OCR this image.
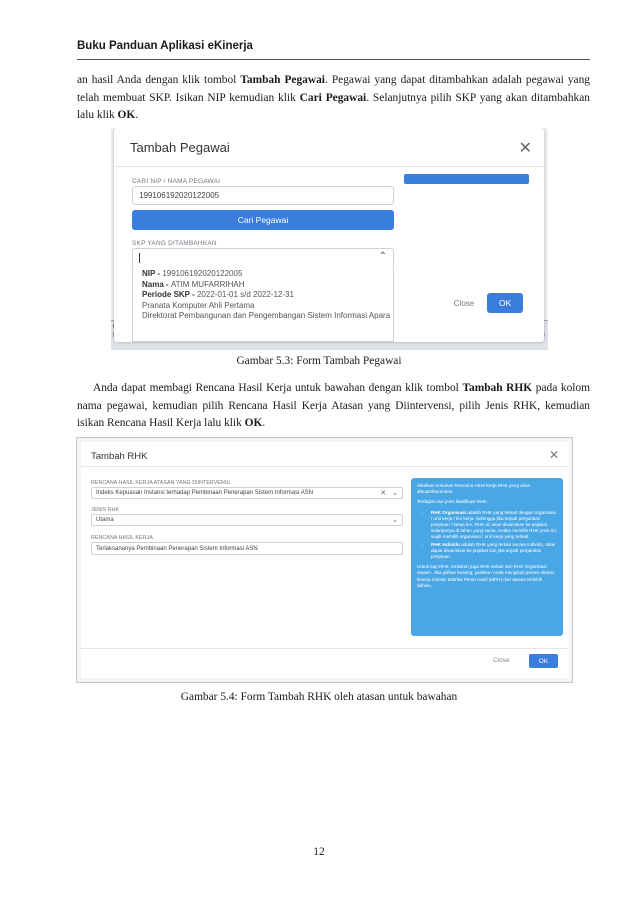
Buku Panduan Aplikasi eKinerja
an hasil Anda dengan klik tombol Tambah Pegawai. Pegawai yang dapat ditambahkan adalah pegawai yang telah membuat SKP. Isikan NIP kemudian klik Cari Pegawai. Selanjutnya pilih SKP yang akan ditambahkan lalu klik OK.
Tambah Pegawai	✕
CARI NIP / NAMA PEGAWAI
199106192020122005
Cari Pegawai
SKP YANG DITAMBAHKAN
⌃
NIP - 199106192020122005
Nama - ATIM MUFARRIHAH
Periode SKP - 2022-01-01 s/d 2022-12-31
Pranata Komputer Ahli Pertama
Direktorat Pembangunan dan Pengembangan Sistem Informasi Apara
Close	OK
Gambar 5.3: Form Tambah Pegawai
Anda dapat membagi Rencana Hasil Kerja untuk bawahan dengan klik tombol Tambah RHK pada kolom nama pegawai, kemudian pilih Rencana Hasil Kerja Atasan yang Diintervensi, pilih Jenis RHK, kemudian isikan Rencana Hasil Kerja lalu klik OK.
Tambah RHK	✕
RENCANA HASIL KERJA ATASAN YANG DIINTERVENSI
Indeks Kepuasan Instansi terhadap Pembinaan Penerapan Sistem Informasi ASN	✕ ⌄
JENIS RHK
Utama	⌄
RENCANA HASIL KERJA
Terlaksananya Pembinaan Penerapan Sistem Informasi ASN

Silahkan tentukan Rencana Hasil Kerja RHK yang akan dibuat/diturunkan.

Terdapat dua jenis klasifikasi RHK:

• RHK Organisasi adalah RHK yang terkait dengan organisasi / unit kerja / tim kerja. Sehingga jika terjadi pergantian pimpinan / ketua tim, RHK ini akan diwariskan ke pejabat selanjutnya di tahun yang sama. Ketika memilih RHK jenis ini, wajib memilih organisasi / unit kerja yang terkait.
• RHK Individu adalah RHK yang terkait secara individu, tidak dapat diwariskan ke pejabat lain jika terjadi pergantian pimpinan.

Untuk tiap RHK, tentukan juga RHK terkait dari RHK Organisasi atasan. Jika pilihan kosong, pastikan Anda mengikuti proses distusi kinerja melalui Matriks Peran Hasil (MPH) dari atasan terlebih dahulu.

Close	OK
Gambar 5.4: Form Tambah RHK oleh atasan untuk bawahan
12
